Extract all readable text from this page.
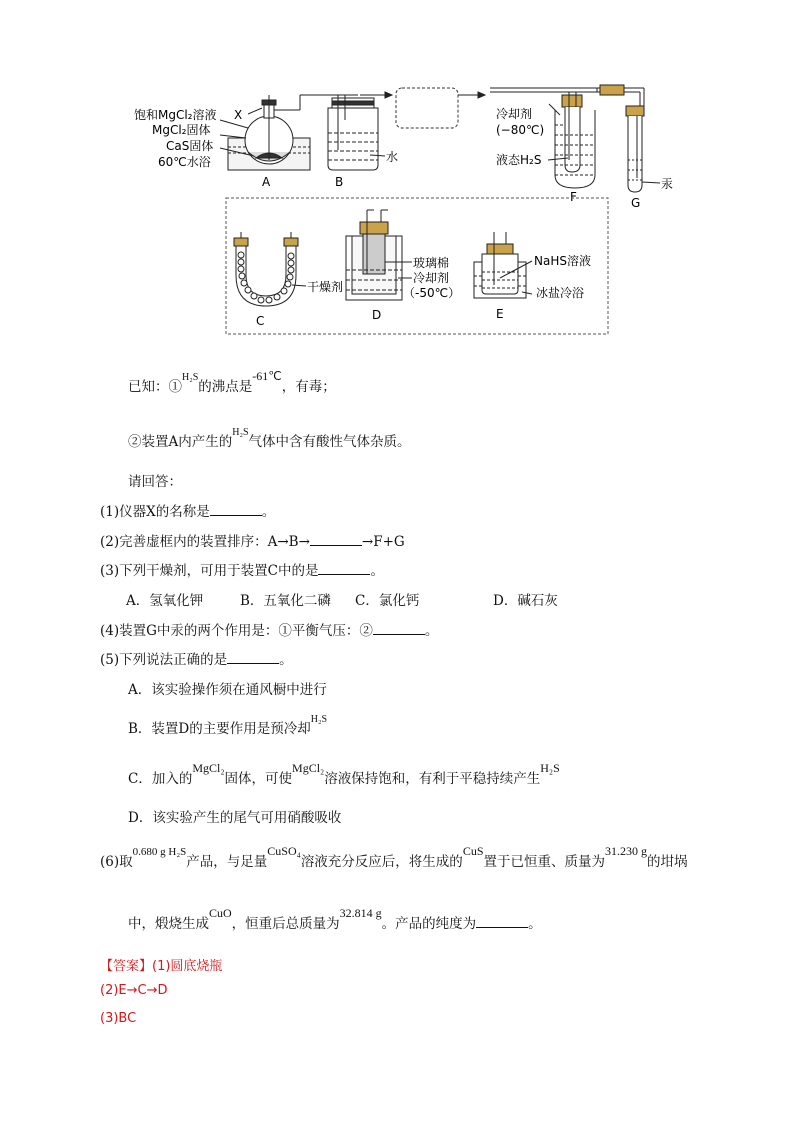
X
饱和MgCl₂溶液
MgCl₂固体
CaS固体
60℃水浴
A
水
B
冷却剂
(−80℃)
液态H₂S
F
汞
G
干燥剂
C
玻璃棉
冷却剂
（-50℃）
D
NaHS溶液
冰盐冷浴
E
已知：①H₂S的沸点是-61℃，有毒；
②装置A内产生的H₂S气体中含有酸性气体杂质。
请回答：
(1)仪器X的名称是	。
(2)完善虚框内的装置排序：A→B→	→F+G
(3)下列干燥剂，可用于装置C中的是	。
A．氢氧化钾	B．五氧化二磷 C．氯化钙	D．碱石灰
(4)装置G中汞的两个作用是：①平衡气压：②	。
(5)下列说法正确的是	。
A．该实验操作须在通风橱中进行
B．装置D的主要作用是预冷却H₂S
C．加入的MgCl₂固体，可使MgCl₂溶液保持饱和，有利于平稳持续产生H₂S
D．该实验产生的尾气可用硝酸吸收
(6)取0.680 g H₂S产品，与足量CuSO₄溶液充分反应后，将生成的CuS置于已恒重、质量为31.230 g的坩埚
中，煅烧生成CuO，恒重后总质量为32.814 g。产品的纯度为	。
【答案】(1)圆底烧瓶
(2)E→C→D
(3)BC
